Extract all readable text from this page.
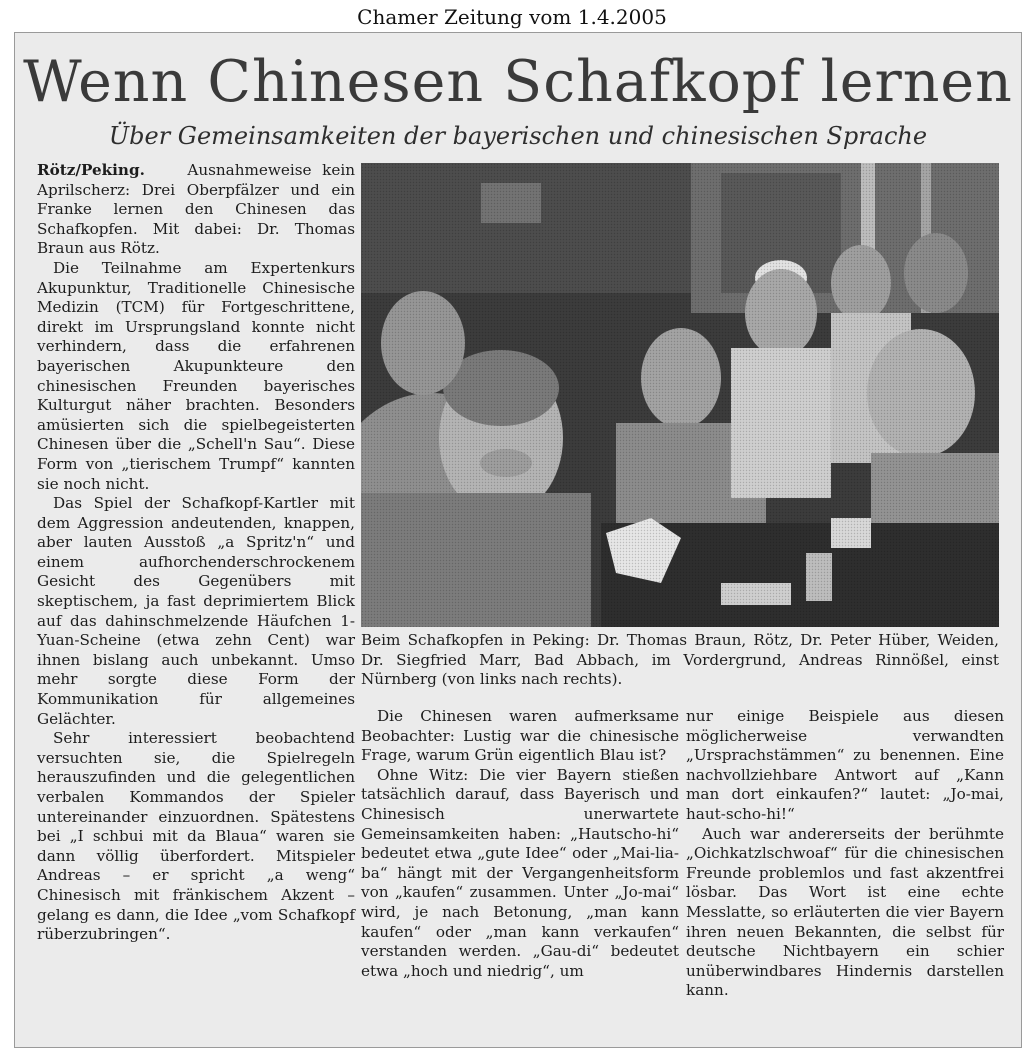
Chamer Zeitung vom 1.4.2005
Wenn Chinesen Schafkopf lernen
Über Gemeinsamkeiten der bayerischen und chinesischen Sprache

Rötz/Peking.	Ausnahmeweise kein Aprilscherz: Drei Oberpfälzer und ein Franke lernen den Chinesen das Schafkopfen. Mit dabei: Dr. Thomas Braun aus Rötz.

Die Teilnahme am Expertenkurs Akupunktur, Traditionelle Chinesische Medizin (TCM) für Fortgeschrittene, direkt im Ursprungsland konnte nicht verhindern, dass die erfahrenen bayerischen Akupunkteure den chinesischen Freunden bayerisches Kulturgut näher brachten. Besonders amüsierten sich die spielbegeisterten Chinesen über die „Schell'n Sau“. Diese Form von „tierischem Trumpf“ kannten sie noch nicht.

Das Spiel der Schafkopf-Kartler mit dem Aggression andeutenden, knappen, aber lauten Ausstoß „a Spritz'n“ und einem aufhorchenderschrockenem Gesicht des Gegenübers mit skeptischem, ja fast deprimiertem Blick auf das dahinschmelzende Häufchen 1-Yuan-Scheine (etwa zehn Cent) war ihnen bislang auch unbekannt. Umso mehr sorgte diese Form der Kommunikation für allgemeines Gelächter.

Sehr interessiert beobachtend versuchten sie, die Spielregeln herauszufinden und die gelegentlichen verbalen Kommandos der Spieler untereinander einzuordnen. Spätestens bei „I schbui mit da Blaua“ waren sie dann völlig überfordert. Mitspieler Andreas – er spricht „a weng“ Chinesisch mit fränkischem Akzent – gelang es dann, die Idee „vom Schafkopf rüberzubringen“.

Beim Schafkopfen in Peking: Dr. Thomas Braun, Rötz, Dr. Peter Hüber, Weiden, Dr. Siegfried Marr, Bad Abbach, im Vordergrund, Andreas Rinnößel, einst Nürnberg (von links nach rechts).

Die Chinesen waren aufmerksame Beobachter: Lustig war die chinesische Frage, warum Grün eigentlich Blau ist?

Ohne Witz: Die vier Bayern stießen tatsächlich darauf, dass Bayerisch und Chinesisch unerwartete Gemeinsamkeiten haben: „Hautscho-hi“ bedeutet etwa „gute Idee“ oder „Mai-lia-ba“ hängt mit der Vergangenheitsform von „kaufen“ zusammen. Unter „Jo-mai“ wird, je nach Betonung, „man kann kaufen“ oder „man kann verkaufen“ verstanden werden. „Gau-di“ bedeutet etwa „hoch und niedrig“, um

nur einige Beispiele aus diesen möglicherweise verwandten „Ursprachstämmen“ zu benennen. Eine nachvollziehbare Antwort auf „Kann man dort einkaufen?“ lautet: „Jo-mai, haut-scho-hi!“

Auch war andererseits der berühmte „Oichkatzlschwoaf“ für die chinesischen Freunde problemlos und fast akzentfrei lösbar. Das Wort ist eine echte Messlatte, so erläuterten die vier Bayern ihren neuen Bekannten, die selbst für deutsche Nichtbayern ein schier unüberwindbares Hindernis darstellen kann.
